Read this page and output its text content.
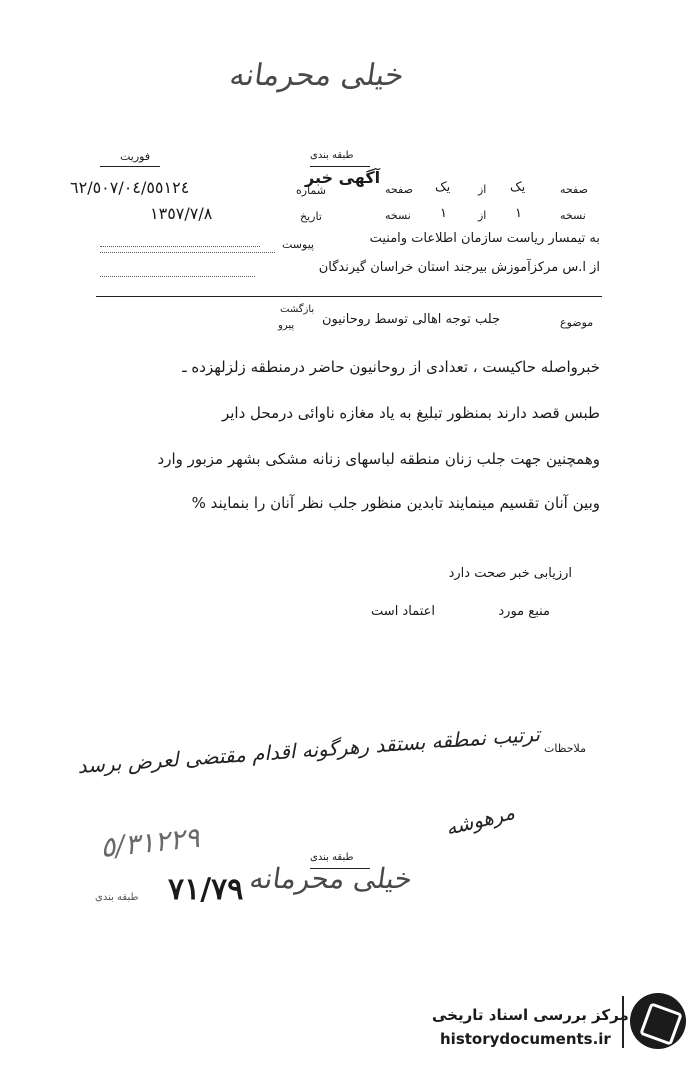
خیلی محرمانه
طبقه بندی
فوریت
آگهی خبر
صفحه
یک
از
یک
صفحه
شماره
٦٢/٥٠٧/٠٤/٥٥١٢٤
نسخه
١
از
١
نسخه
تاریخ
١٣٥٧/٧/٨
به تیمسار ریاست سازمان اطلاعات وامنیت
پیوست
از ا.س مرکزآموزش بیرجند استان خراسان گیرندگان
موضوع
جلب توجه اهالی توسط روحانیون
بازگشت
پیرو
خبرواصله حاکیست ، تعدادی از روحانیون حاضر درمنطقه زلزلهزده ـ
طبس قصد دارند بمنظور تبلیغ به یاد مغازه ناوائی درمحل دایر
وهمچنین جهت جلب زنان منطقه لباسهای زنانه مشکی بشهر مزبور وارد
وبین آنان تقسیم مینمایند تابدین منظور جلب نظر آنان را بنمایند %
ارزیابی خبر صحت دارد
منبع مورد
اعتماد است
ملاحظات
ترتیب نمطقه بستقد رهرگونه اقدام مقتضی لعرض برسد
مرهوشه
٥/٣١٢٢٩	طبقه بندی
خیلی محرمانه
٧١/٧٩
طبقه بندی
مرکز بررسی اسناد تاریخی
historydocuments.ir
